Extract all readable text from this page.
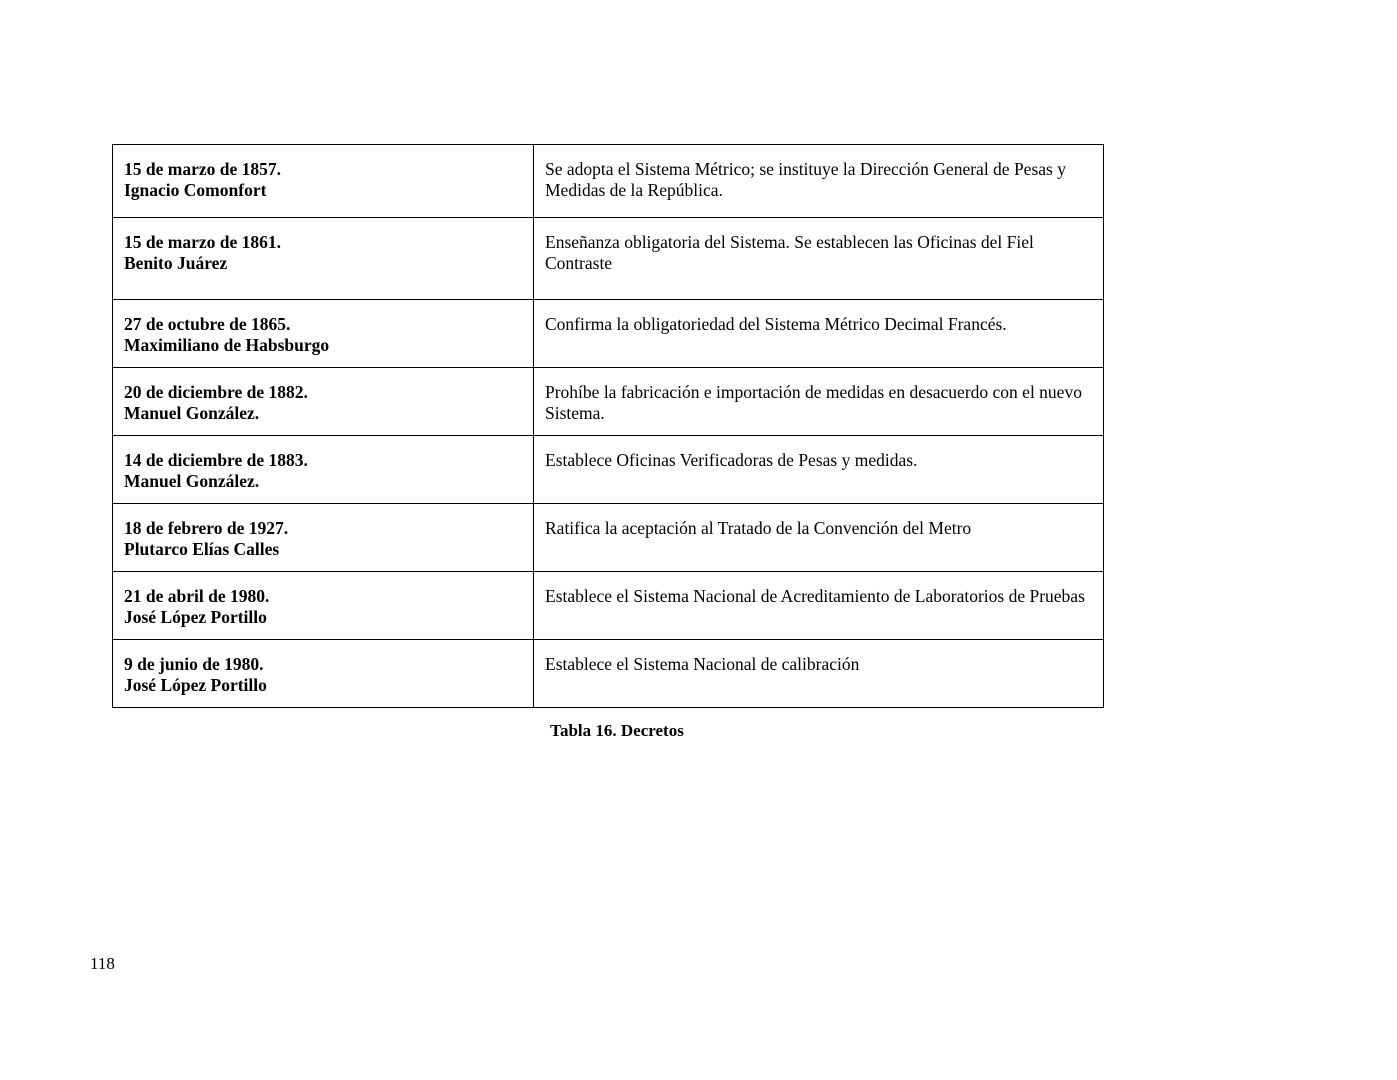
15 de marzo de 1857.
Ignacio Comonfort	Se adopta el Sistema Métrico; se instituye la Dirección General de Pesas y Medidas de la República.

15 de marzo de 1861.
Benito Juárez	Enseñanza obligatoria del Sistema. Se establecen las Oficinas del Fiel Contraste

27 de octubre de 1865.
Maximiliano de Habsburgo	Confirma la obligatoriedad del Sistema Métrico Decimal Francés.

20 de diciembre de 1882.
Manuel González.	Prohíbe la fabricación e importación de medidas en desacuerdo con el nuevo Sistema.

14 de diciembre de 1883.
Manuel González.	Establece Oficinas Verificadoras de Pesas y medidas.

18 de febrero de 1927.
Plutarco Elías Calles	Ratifica la aceptación al Tratado de la Convención del Metro

21 de abril de 1980.
José López Portillo	Establece el Sistema Nacional de Acreditamiento de Laboratorios de Pruebas

9 de junio de 1980.
José López Portillo	Establece el Sistema Nacional de calibración
Tabla 16. Decretos
118
